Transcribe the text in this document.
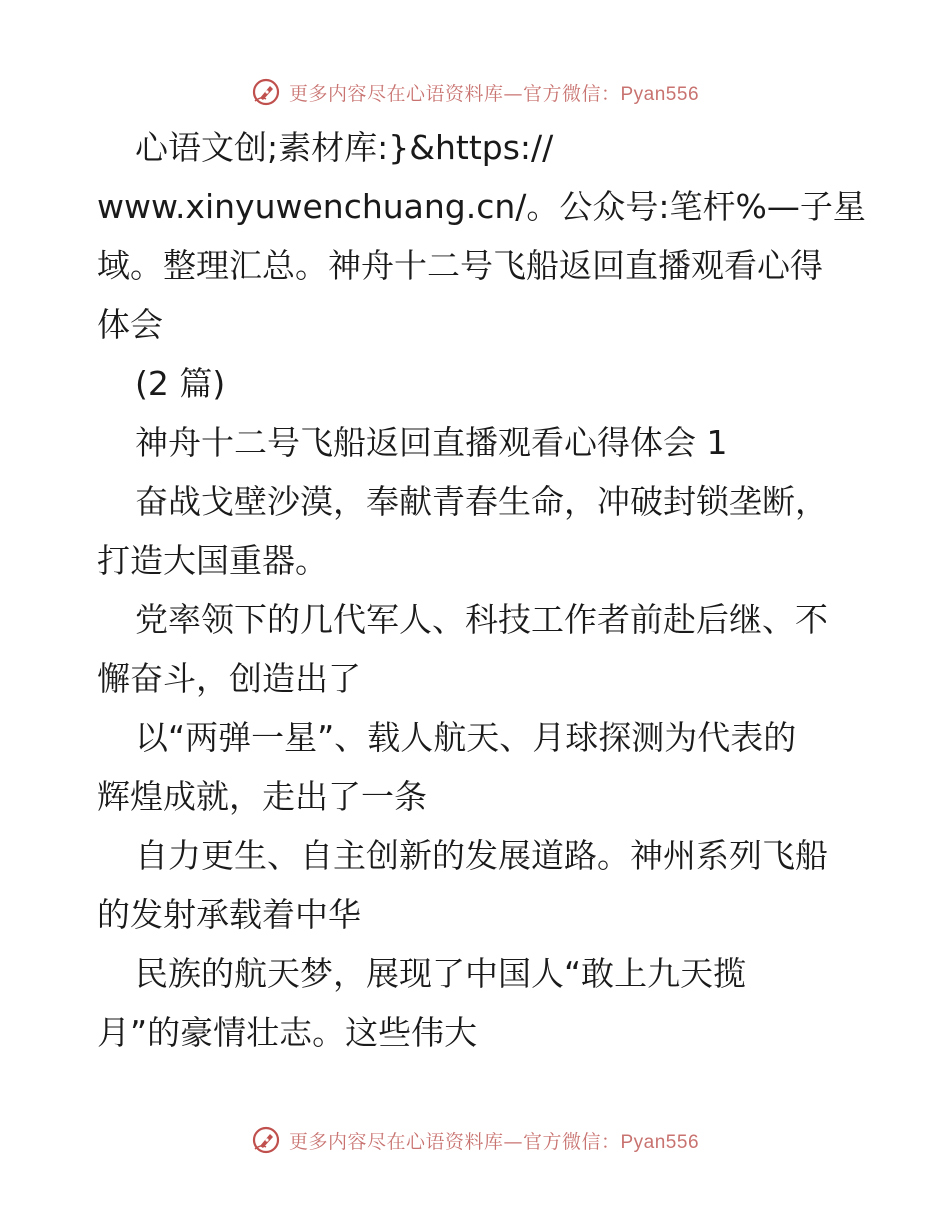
更多内容尽在心语资料库—官方微信：Pyan556
心语文创;素材库:}&https://
www.xinyuwenchuang.cn/。公众号:笔杆%—子星
域。整理汇总。神舟十二号飞船返回直播观看心得
体会
(2 篇)
神舟十二号飞船返回直播观看心得体会 1
奋战戈壁沙漠，奉献青春生命，冲破封锁垄断，
打造大国重器。
党率领下的几代军人、科技工作者前赴后继、不
懈奋斗，创造出了
以“两弹一星”、载人航天、月球探测为代表的
辉煌成就，走出了一条
自力更生、自主创新的发展道路。神州系列飞船
的发射承载着中华
民族的航天梦，展现了中国人“敢上九天揽
月”的豪情壮志。这些伟大
更多内容尽在心语资料库—官方微信：Pyan556
